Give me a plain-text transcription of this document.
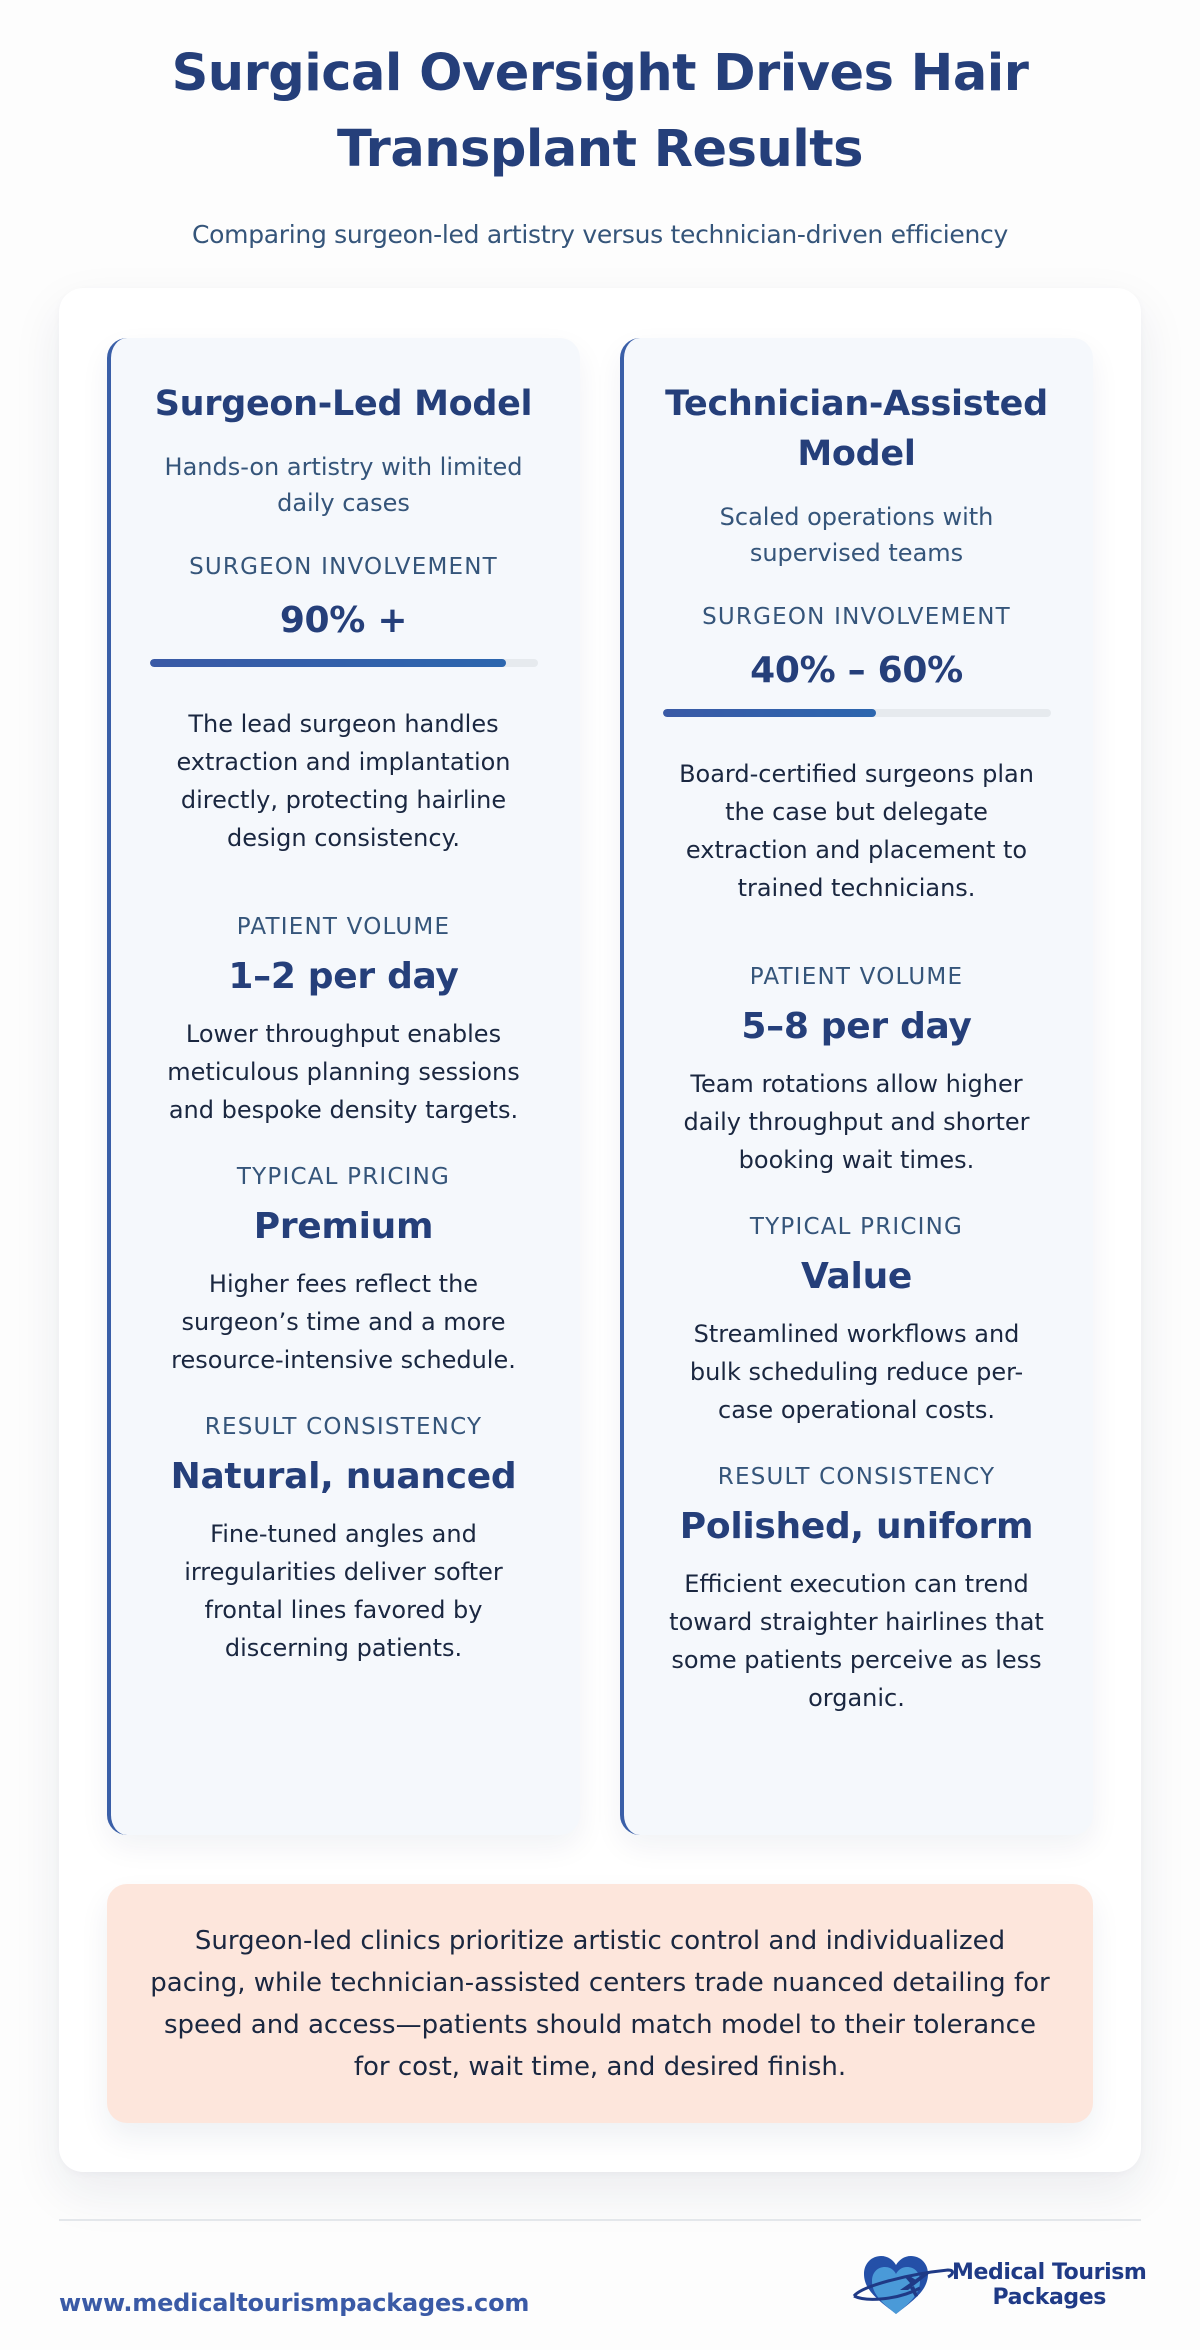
Surgical Oversight Drives Hair Transplant Results

Comparing surgeon-led artistry versus technician-driven efficiency

Surgeon-Led Model

Hands-on artistry with limited daily cases

SURGEON INVOLVEMENT
90% +

The lead surgeon handles extraction and implantation directly, protecting hairline design consistency.

PATIENT VOLUME
1–2 per day

Lower throughput enables meticulous planning sessions and bespoke density targets.

TYPICAL PRICING
Premium

Higher fees reflect the surgeon’s time and a more resource-intensive schedule.

RESULT CONSISTENCY
Natural, nuanced

Fine-tuned angles and irregularities deliver softer frontal lines favored by discerning patients.

Technician-Assisted Model

Scaled operations with supervised teams

SURGEON INVOLVEMENT
40% – 60%

Board-certified surgeons plan the case but delegate extraction and placement to trained technicians.

PATIENT VOLUME
5–8 per day

Team rotations allow higher daily throughput and shorter booking wait times.

TYPICAL PRICING
Value

Streamlined workflows and bulk scheduling reduce per-case operational costs.

RESULT CONSISTENCY
Polished, uniform

Efficient execution can trend toward straighter hairlines that some patients perceive as less organic.

Surgeon-led clinics prioritize artistic control and individualized pacing, while technician-assisted centers trade nuanced detailing for speed and access—patients should match model to their tolerance for cost, wait time, and desired finish.

www.medicaltourismpackages.com
Medical Tourism
Packages
